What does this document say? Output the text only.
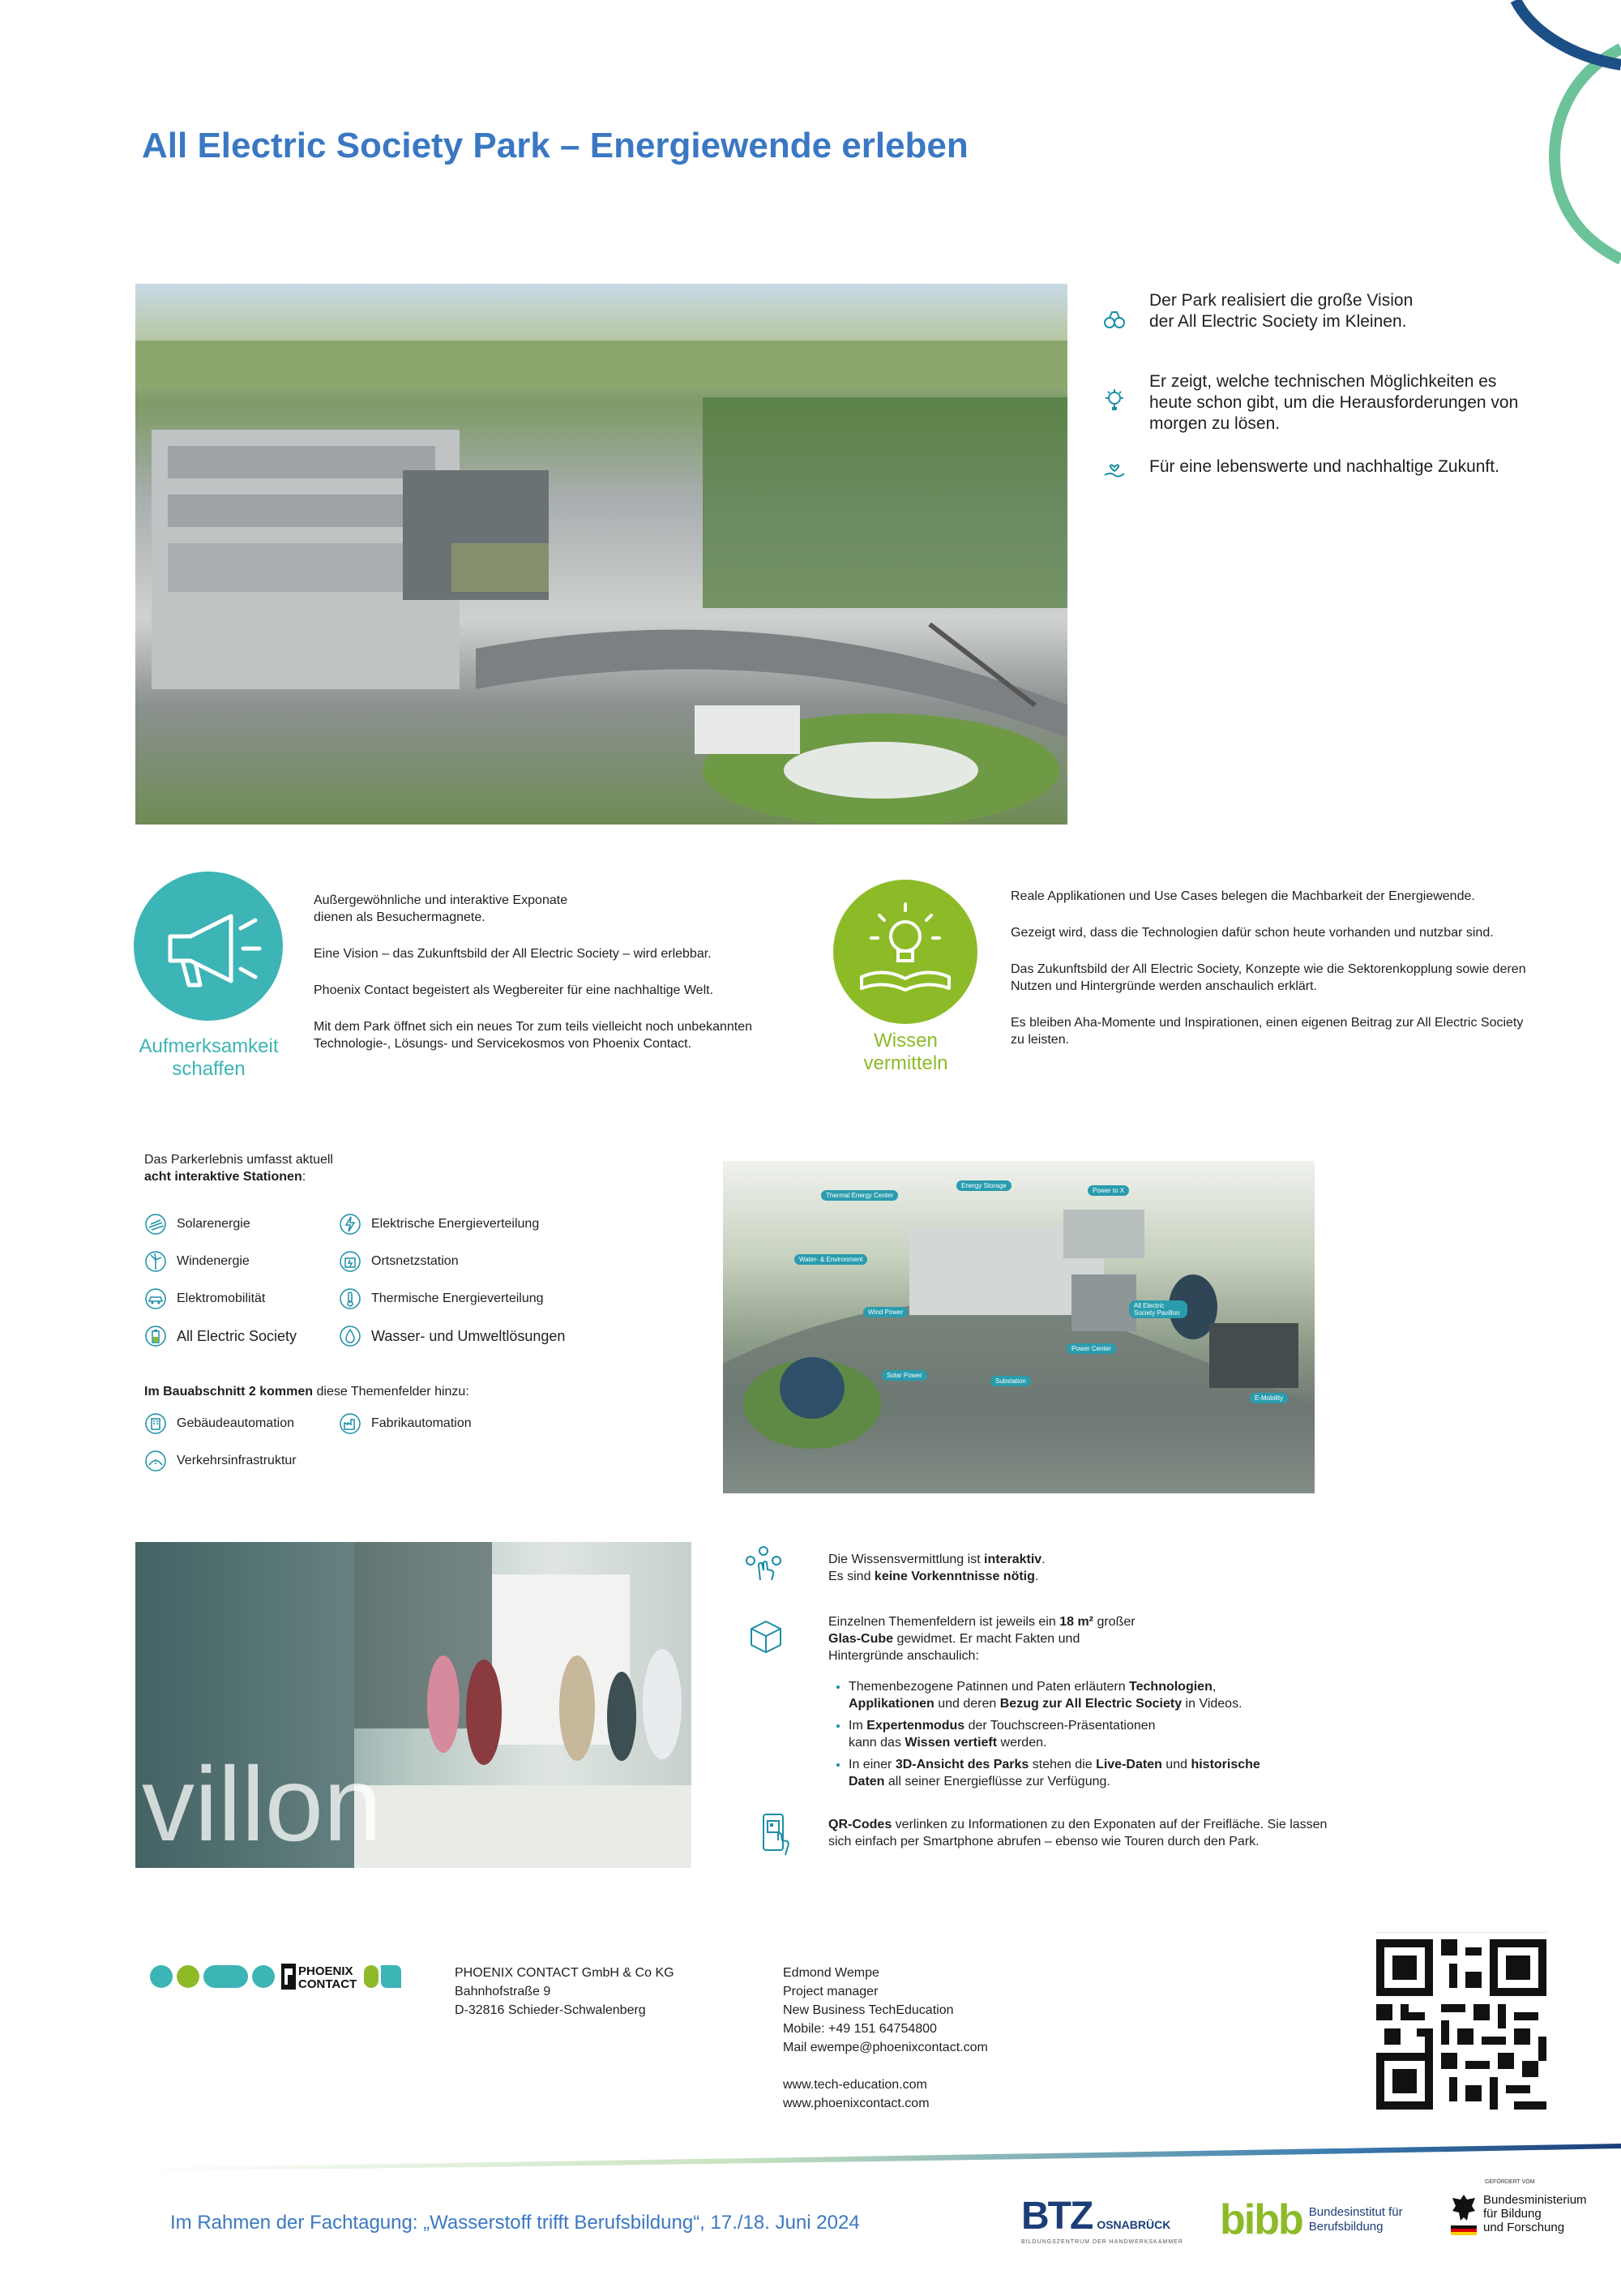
All Electric Society Park – Energiewende erleben
Der Park realisiert die große Vision der All Electric Society im Kleinen.
Er zeigt, welche technischen Möglichkeiten es heute schon gibt, um die Herausforderungen von morgen zu lösen.
Für eine lebenswerte und nachhaltige Zukunft.
Aufmerksamkeit schaffen

Außergewöhnliche und interaktive Exponate dienen als Besuchermagnete.

Eine Vision – das Zukunftsbild der All Electric Society – wird erlebbar.

Phoenix Contact begeistert als Wegbereiter für eine nachhaltige Welt.

Mit dem Park öffnet sich ein neues Tor zum teils vielleicht noch unbekannten Technologie-, Lösungs- und Servicekosmos von Phoenix Contact.	Wissen vermitteln

Reale Applikationen und Use Cases belegen die Machbarkeit der Energiewende.

Gezeigt wird, dass die Technologien dafür schon heute vorhanden und nutzbar sind.

Das Zukunftsbild der All Electric Society, Konzepte wie die Sektorenkopplung sowie deren Nutzen und Hintergründe werden anschaulich erklärt.

Es bleiben Aha-Momente und Inspirationen, einen eigenen Beitrag zur All Electric Society zu leisten.

Das Parkerlebnis umfasst aktuell
acht interaktive Stationen:
Solarenergie	Elektrische Energieverteilung
Windenergie	Ortsnetzstation
Elektromobilität	Thermische Energieverteilung
All Electric Society	Wasser- und Umweltlösungen
Im Bauabschnitt 2 kommen diese Themenfelder hinzu:
Gebäudeautomation	Fabrikautomation
Verkehrsinfrastruktur
Thermal Energy Center
Energy Storage
Power to X
Water- & Environment
Wind Power
Solar Power
Substation
Power Center
All Electric Society Pavillon
E-Mobility
villon
Die Wissensvermittlung ist interaktiv.
Es sind keine Vorkenntnisse nötig.
Einzelnen Themenfeldern ist jeweils ein 18 m² großer Glas-Cube gewidmet. Er macht Fakten und Hintergründe anschaulich:
• Themenbezogene Patinnen und Paten erläutern Technologien, Applikationen und deren Bezug zur All Electric Society in Videos.
• Im Expertenmodus der Touchscreen-Präsentationen kann das Wissen vertieft werden.
• In einer 3D-Ansicht des Parks stehen die Live-Daten und historische Daten all seiner Energieflüsse zur Verfügung.
QR-Codes verlinken zu Informationen zu den Exponaten auf der Freifläche. Sie lassen sich einfach per Smartphone abrufen – ebenso wie Touren durch den Park.
PHOENIX
CONTACT
PHOENIX CONTACT GmbH & Co KG
Bahnhofstraße 9
D-32816 Schieder-Schwalenberg
Edmond Wempe
Project manager
New Business TechEducation
Mobile: +49 151 64754800
Mail ewempe@phoenixcontact.com
www.tech-education.com
www.phoenixcontact.com
Im Rahmen der Fachtagung: „Wasserstoff trifft Berufsbildung“, 17./18. Juni 2024	BTZ OSNABRÜCK
BILDUNGSZENTRUM DER HANDWERKSKAMMER bibb Bundesinstitut für
Berufsbildung
GEFÖRDERT VOM
Bundesministerium
für Bildung
und Forschung
